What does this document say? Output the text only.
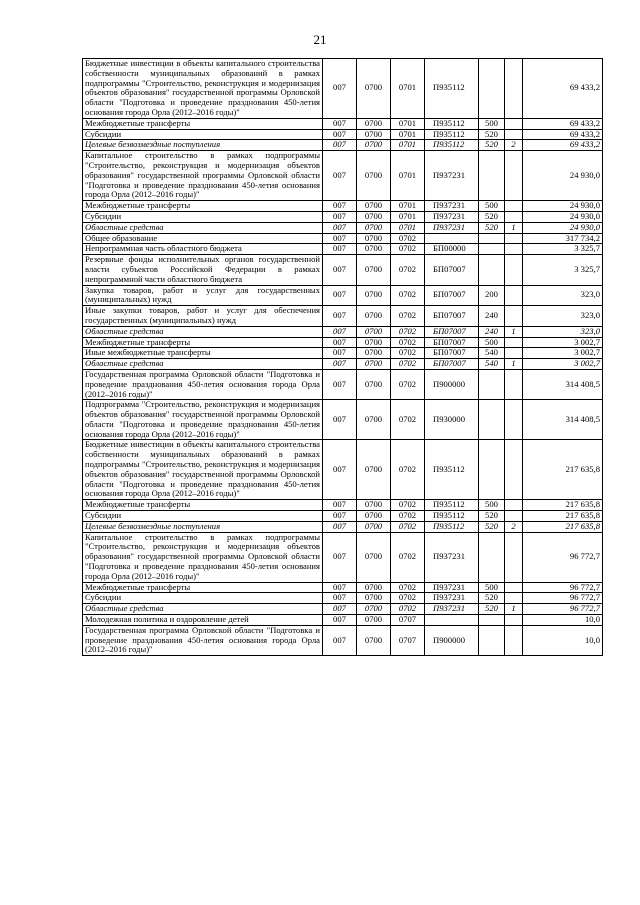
21
Бюджетные инвестиции в объекты капитального строительства собственности муниципальных образований в рамках подпрограммы "Строительство, реконструкция и модернизация объектов образования" государственной программы Орловской области "Подготовка и проведение празднования 450-летия основания города Орла (2012–2016 годы)"	007	0700	0701	П935112			69 433,2
Межбюджетные трансферты	007	0700	0701	П935112	500		69 433,2
Субсидии	007	0700	0701	П935112	520		69 433,2
Целевые безвозмездные поступления	007	0700	0701	П935112	520	2	69 433,2
Капитальное строительство в рамках подпрограммы "Строительство, реконструкция и модернизация объектов образования" государственной программы Орловской области "Подготовка и проведение празднования 450-летия основания города Орла (2012–2016 годы)"	007	0700	0701	П937231			24 930,0
Межбюджетные трансферты	007	0700	0701	П937231	500		24 930,0
Субсидии	007	0700	0701	П937231	520		24 930,0
Областные средства	007	0700	0701	П937231	520	1	24 930,0
Общее образование	007	0700	0702				317 734,2
Непрограммная часть областного бюджета	007	0700	0702	БП00000			3 325,7
Резервные фонды исполнительных органов государственной власти субъектов Российской Федерации в рамках непрограммной части областного бюджета	007	0700	0702	БП07007			3 325,7
Закупка товаров, работ и услуг для государственных (муниципальных) нужд	007	0700	0702	БП07007	200		323,0
Иные закупки товаров, работ и услуг для обеспечения государственных (муниципальных) нужд	007	0700	0702	БП07007	240		323,0
Областные средства	007	0700	0702	БП07007	240	1	323,0
Межбюджетные трансферты	007	0700	0702	БП07007	500		3 002,7
Иные межбюджетные трансферты	007	0700	0702	БП07007	540		3 002,7
Областные средства	007	0700	0702	БП07007	540	1	3 002,7
Государственная программа Орловской области "Подготовка и проведение празднования 450-летия основания города Орла (2012–2016 годы)"	007	0700	0702	П900000			314 408,5
Подпрограмма "Строительство, реконструкция и модернизация объектов образования" государственной программы Орловской области "Подготовка и проведение празднования 450-летия основания города Орла (2012–2016 годы)"	007	0700	0702	П930000			314 408,5
Бюджетные инвестиции в объекты капитального строительства собственности муниципальных образований в рамках подпрограммы "Строительство, реконструкция и модернизация объектов образования" государственной программы Орловской области "Подготовка и проведение празднования 450-летия основания города Орла (2012–2016 годы)"	007	0700	0702	П935112			217 635,8
Межбюджетные трансферты	007	0700	0702	П935112	500		217 635,8
Субсидии	007	0700	0702	П935112	520		217 635,8
Целевые безвозмездные поступления	007	0700	0702	П935112	520	2	217 635,8
Капитальное строительство в рамках подпрограммы "Строительство, реконструкция и модернизация объектов образования" государственной программы Орловской области "Подготовка и проведение празднования 450-летия основания города Орла (2012–2016 годы)"	007	0700	0702	П937231			96 772,7
Межбюджетные трансферты	007	0700	0702	П937231	500		96 772,7
Субсидии	007	0700	0702	П937231	520		96 772,7
Областные средства	007	0700	0702	П937231	520	1	96 772,7
Молодежная политика и оздоровление детей	007	0700	0707				10,0
Государственная программа Орловской области "Подготовка и проведение празднования 450-летия основания города Орла (2012–2016 годы)"	007	0700	0707	П900000			10,0
